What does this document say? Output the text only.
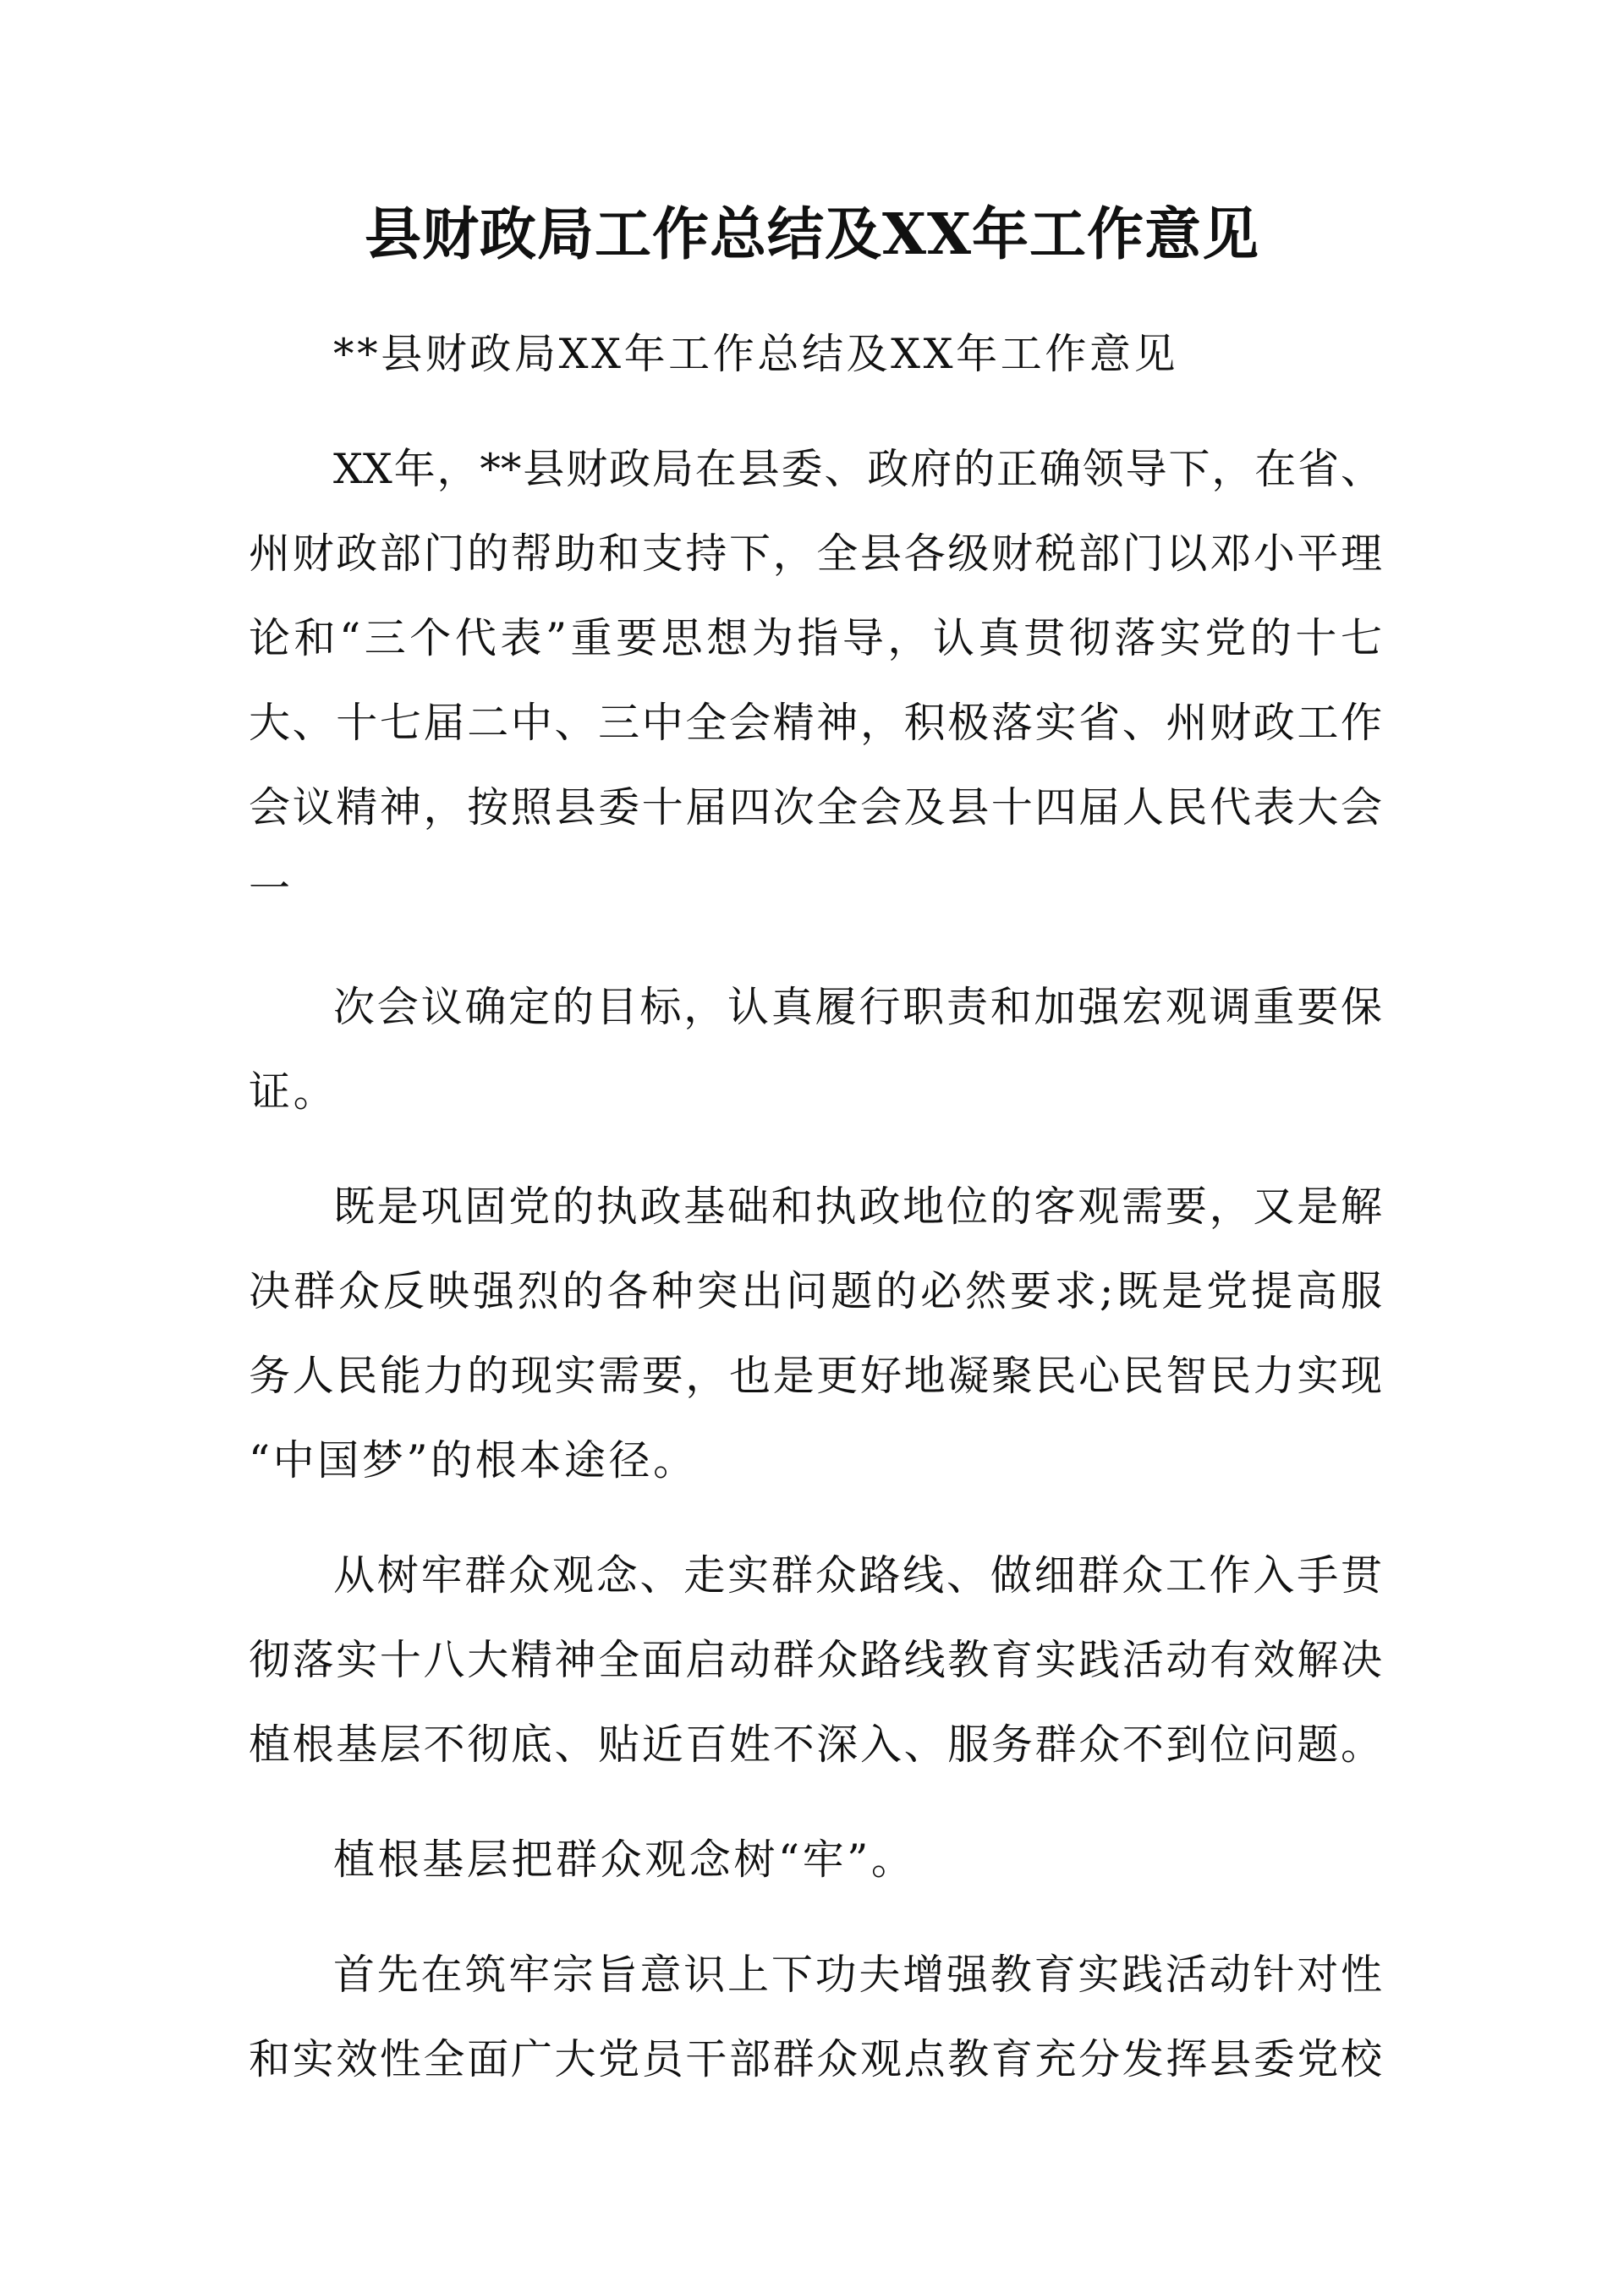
县财政局工作总结及XX年工作意见

**县财政局XX年工作总结及XX年工作意见

XX年，**县财政局在县委、政府的正确领导下，在省、

州财政部门的帮助和支持下，全县各级财税部门以邓小平理

论和“三个代表”重要思想为指导，认真贯彻落实党的十七

大、十七届二中、三中全会精神，积极落实省、州财政工作

会议精神，按照县委十届四次全会及县十四届人民代表大会

一

次会议确定的目标，认真履行职责和加强宏观调重要保

证。

既是巩固党的执政基础和执政地位的客观需要，又是解

决群众反映强烈的各种突出问题的必然要求;既是党提高服

务人民能力的现实需要，也是更好地凝聚民心民智民力实现

“中国梦”的根本途径。

从树牢群众观念、走实群众路线、做细群众工作入手贯

彻落实十八大精神全面启动群众路线教育实践活动有效解决

植根基层不彻底、贴近百姓不深入、服务群众不到位问题。

植根基层把群众观念树“牢”。

首先在筑牢宗旨意识上下功夫增强教育实践活动针对性

和实效性全面广大党员干部群众观点教育充分发挥县委党校
